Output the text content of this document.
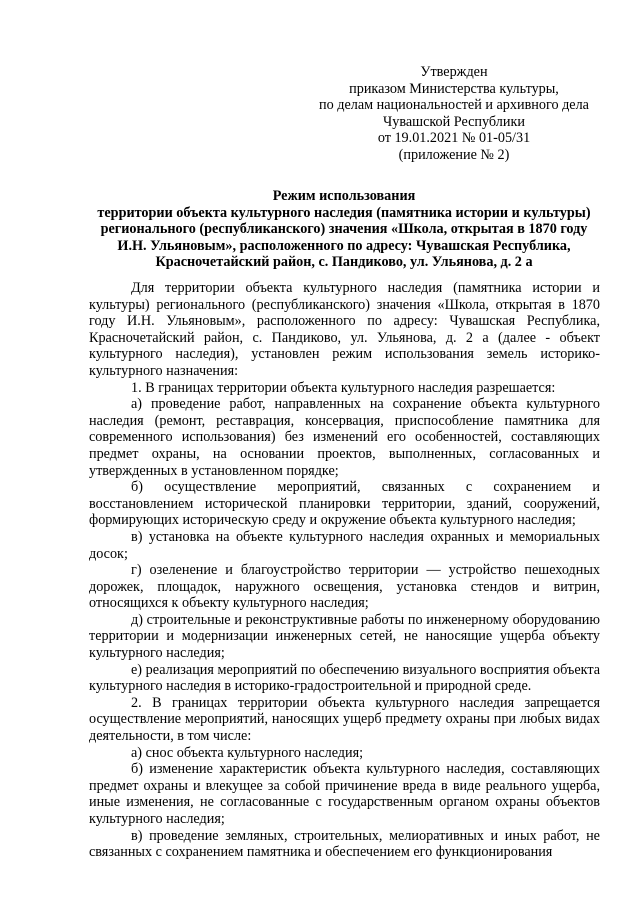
Утвержден
приказом Министерства культуры,
по делам национальностей и архивного дела
Чувашской Республики
от 19.01.2021 № 01-05/31
(приложение № 2)
Режим использования
территории объекта культурного наследия (памятника истории и культуры)
регионального (республиканского) значения «Школа, открытая в 1870 году
И.Н. Ульяновым», расположенного по адресу: Чувашская Республика,
Красночетайский район, с. Пандиково, ул. Ульянова, д. 2 а

Для территории объекта культурного наследия (памятника истории и культуры) регионального (республиканского) значения «Школа, открытая в 1870 году И.Н. Ульяновым», расположенного по адресу: Чувашская Республика, Красночетайский район, с. Пандиково, ул. Ульянова, д. 2 а (далее - объект культурного наследия), установлен режим использования земель историко-культурного назначения:

1. В границах территории объекта культурного наследия разрешается:

а) проведение работ, направленных на сохранение объекта культурного наследия (ремонт, реставрация, консервация, приспособление памятника для современного использования) без изменений его особенностей, составляющих предмет охраны, на основании проектов, выполненных, согласованных и утвержденных в установленном порядке;

б) осуществление мероприятий, связанных с сохранением и восстановлением исторической планировки территории, зданий, сооружений, формирующих историческую среду и окружение объекта культурного наследия;

в) установка на объекте культурного наследия охранных и мемориальных досок;

г) озеленение и благоустройство территории — устройство пешеходных дорожек, площадок, наружного освещения, установка стендов и витрин, относящихся к объекту культурного наследия;

д) строительные и реконструктивные работы по инженерному оборудованию территории и модернизации инженерных сетей, не наносящие ущерба объекту культурного наследия;

е) реализация мероприятий по обеспечению визуального восприятия объекта культурного наследия в историко-градостроительной и природной среде.

2. В границах территории объекта культурного наследия запрещается осуществление мероприятий, наносящих ущерб предмету охраны при любых видах деятельности, в том числе:

а) снос объекта культурного наследия;

б) изменение характеристик объекта культурного наследия, составляющих предмет охраны и влекущее за собой причинение вреда в виде реального ущерба, иные изменения, не согласованные с государственным органом охраны объектов культурного наследия;

в) проведение земляных, строительных, мелиоративных и иных работ, не связанных с сохранением памятника и обеспечением его функционирования
